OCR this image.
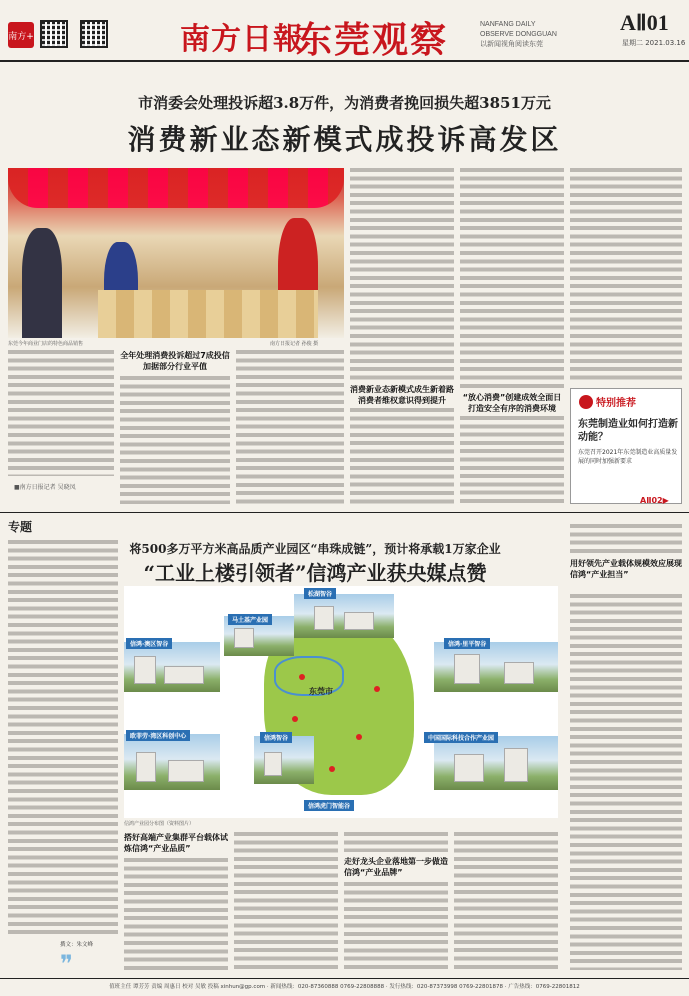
南方+	南方日報
东莞观察	NANFANG DAILY
OBSERVE DONGGUAN
以新闻视角阅读东莞
AⅡ01
星期二 2021.03.16
市消委会处理投诉超3.8万件，为消费者挽回损失超3851万元
消费新业态新模式成投诉高发区
东莞今年商业门店的特色商品销售	南方日报记者 孙俊 摄
■南方日报记者 吴晓凤
全年处理消费投诉超过7成投信加据部分行业平值
消费新业态新模式成生新着路消费者维权意识得到提升	“放心消费”创建成效全面日打造安全有序的消费环境	特别推荐
东莞制造业如何打造新动能？
东莞召开2021年东莞制造业高质量发展的同时加强新要求
AⅡ02▶
专题
将500多万平方米高品质产业园区“串珠成链”，预计将承载1万家企业
“工业上楼引领者”信鸿产业获央媒点赞
撰文：朱文峰
❞
东莞市
松湖智谷
马土基产业园
信鸿·澳区智谷	信鸿·里平智谷
欧菲劳·湾区科创中心	信鸿智谷	中国国际科技合作产业园
信鸿虎门智能谷
信鸿产业园分布图（资料图片）
搭好高端产业集群平台载体试炼信鸿“产业品质”
走好龙头企业落地第一步做造信鸿“产业品牌”
用好领先产业载体规模效应展现信鸿“产业担当”
值班主任 谭芳芳 责编 周惠日 校对 吴敏 投稿 xinhun@gp.com · 新闻热线：020-87360888 0769-22808888 · 发行热线：020-87373998 0769-22801878 · 广告热线：0769-22801812
